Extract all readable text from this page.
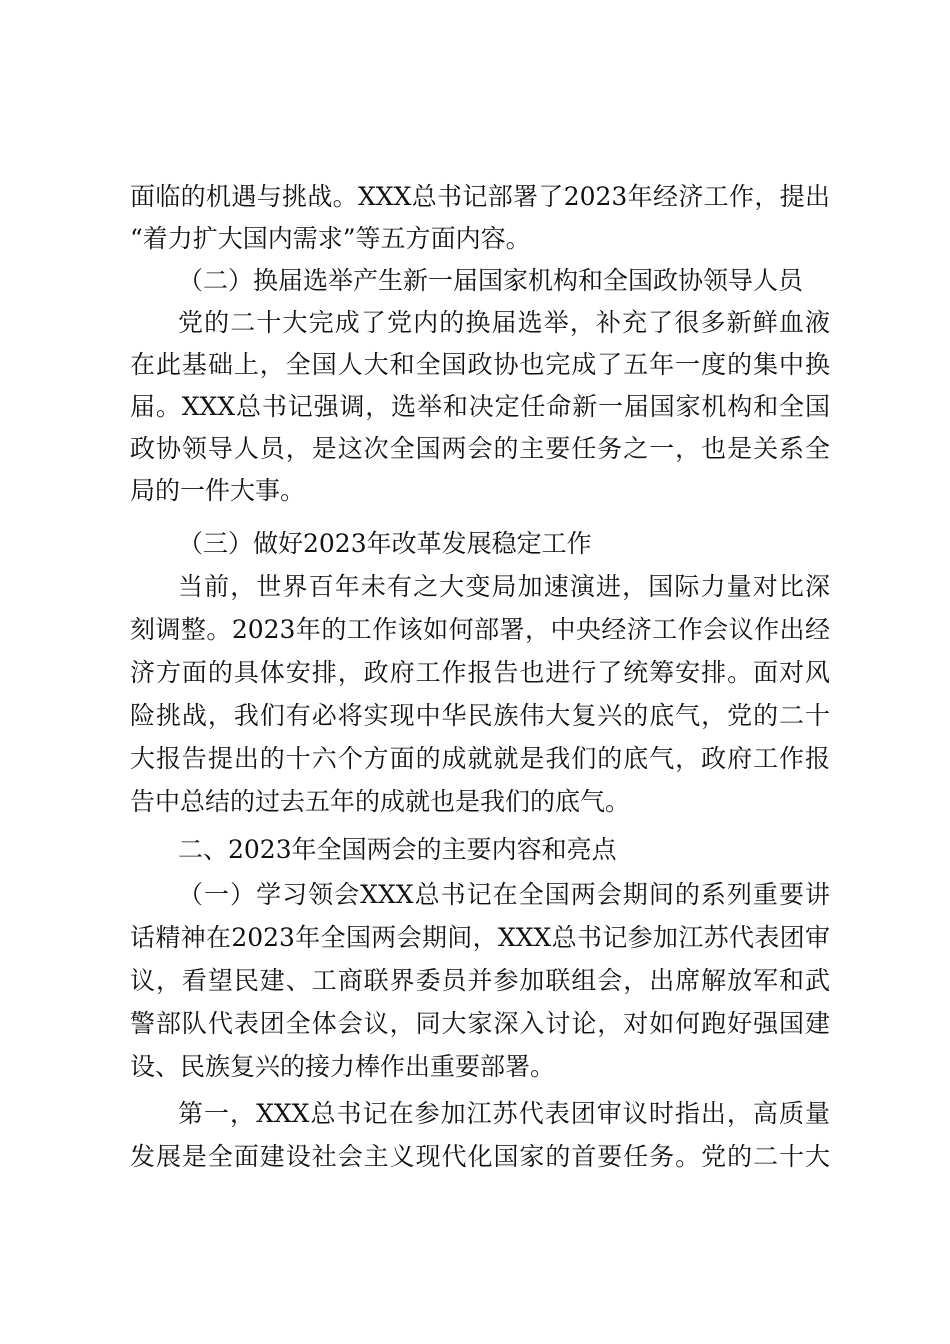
面临的机遇与挑战。XXX总书记部署了2023年经济工作，提出
“着力扩大国内需求”等五方面内容。
（二）换届选举产生新一届国家机构和全国政协领导人员
党的二十大完成了党内的换届选举，补充了很多新鲜血液
在此基础上，全国人大和全国政协也完成了五年一度的集中换
届。XXX总书记强调，选举和决定任命新一届国家机构和全国
政协领导人员，是这次全国两会的主要任务之一，也是关系全
局的一件大事。
（三）做好2023年改革发展稳定工作
当前，世界百年未有之大变局加速演进，国际力量对比深
刻调整。2023年的工作该如何部署，中央经济工作会议作出经
济方面的具体安排，政府工作报告也进行了统筹安排。面对风
险挑战，我们有必将实现中华民族伟大复兴的底气，党的二十
大报告提出的十六个方面的成就就是我们的底气，政府工作报
告中总结的过去五年的成就也是我们的底气。
二、2023年全国两会的主要内容和亮点
（一）学习领会XXX总书记在全国两会期间的系列重要讲
话精神在2023年全国两会期间，XXX总书记参加江苏代表团审
议，看望民建、工商联界委员并参加联组会，出席解放军和武
警部队代表团全体会议，同大家深入讨论，对如何跑好强国建
设、民族复兴的接力棒作出重要部署。
第一，XXX总书记在参加江苏代表团审议时指出，高质量
发展是全面建设社会主义现代化国家的首要任务。党的二十大
